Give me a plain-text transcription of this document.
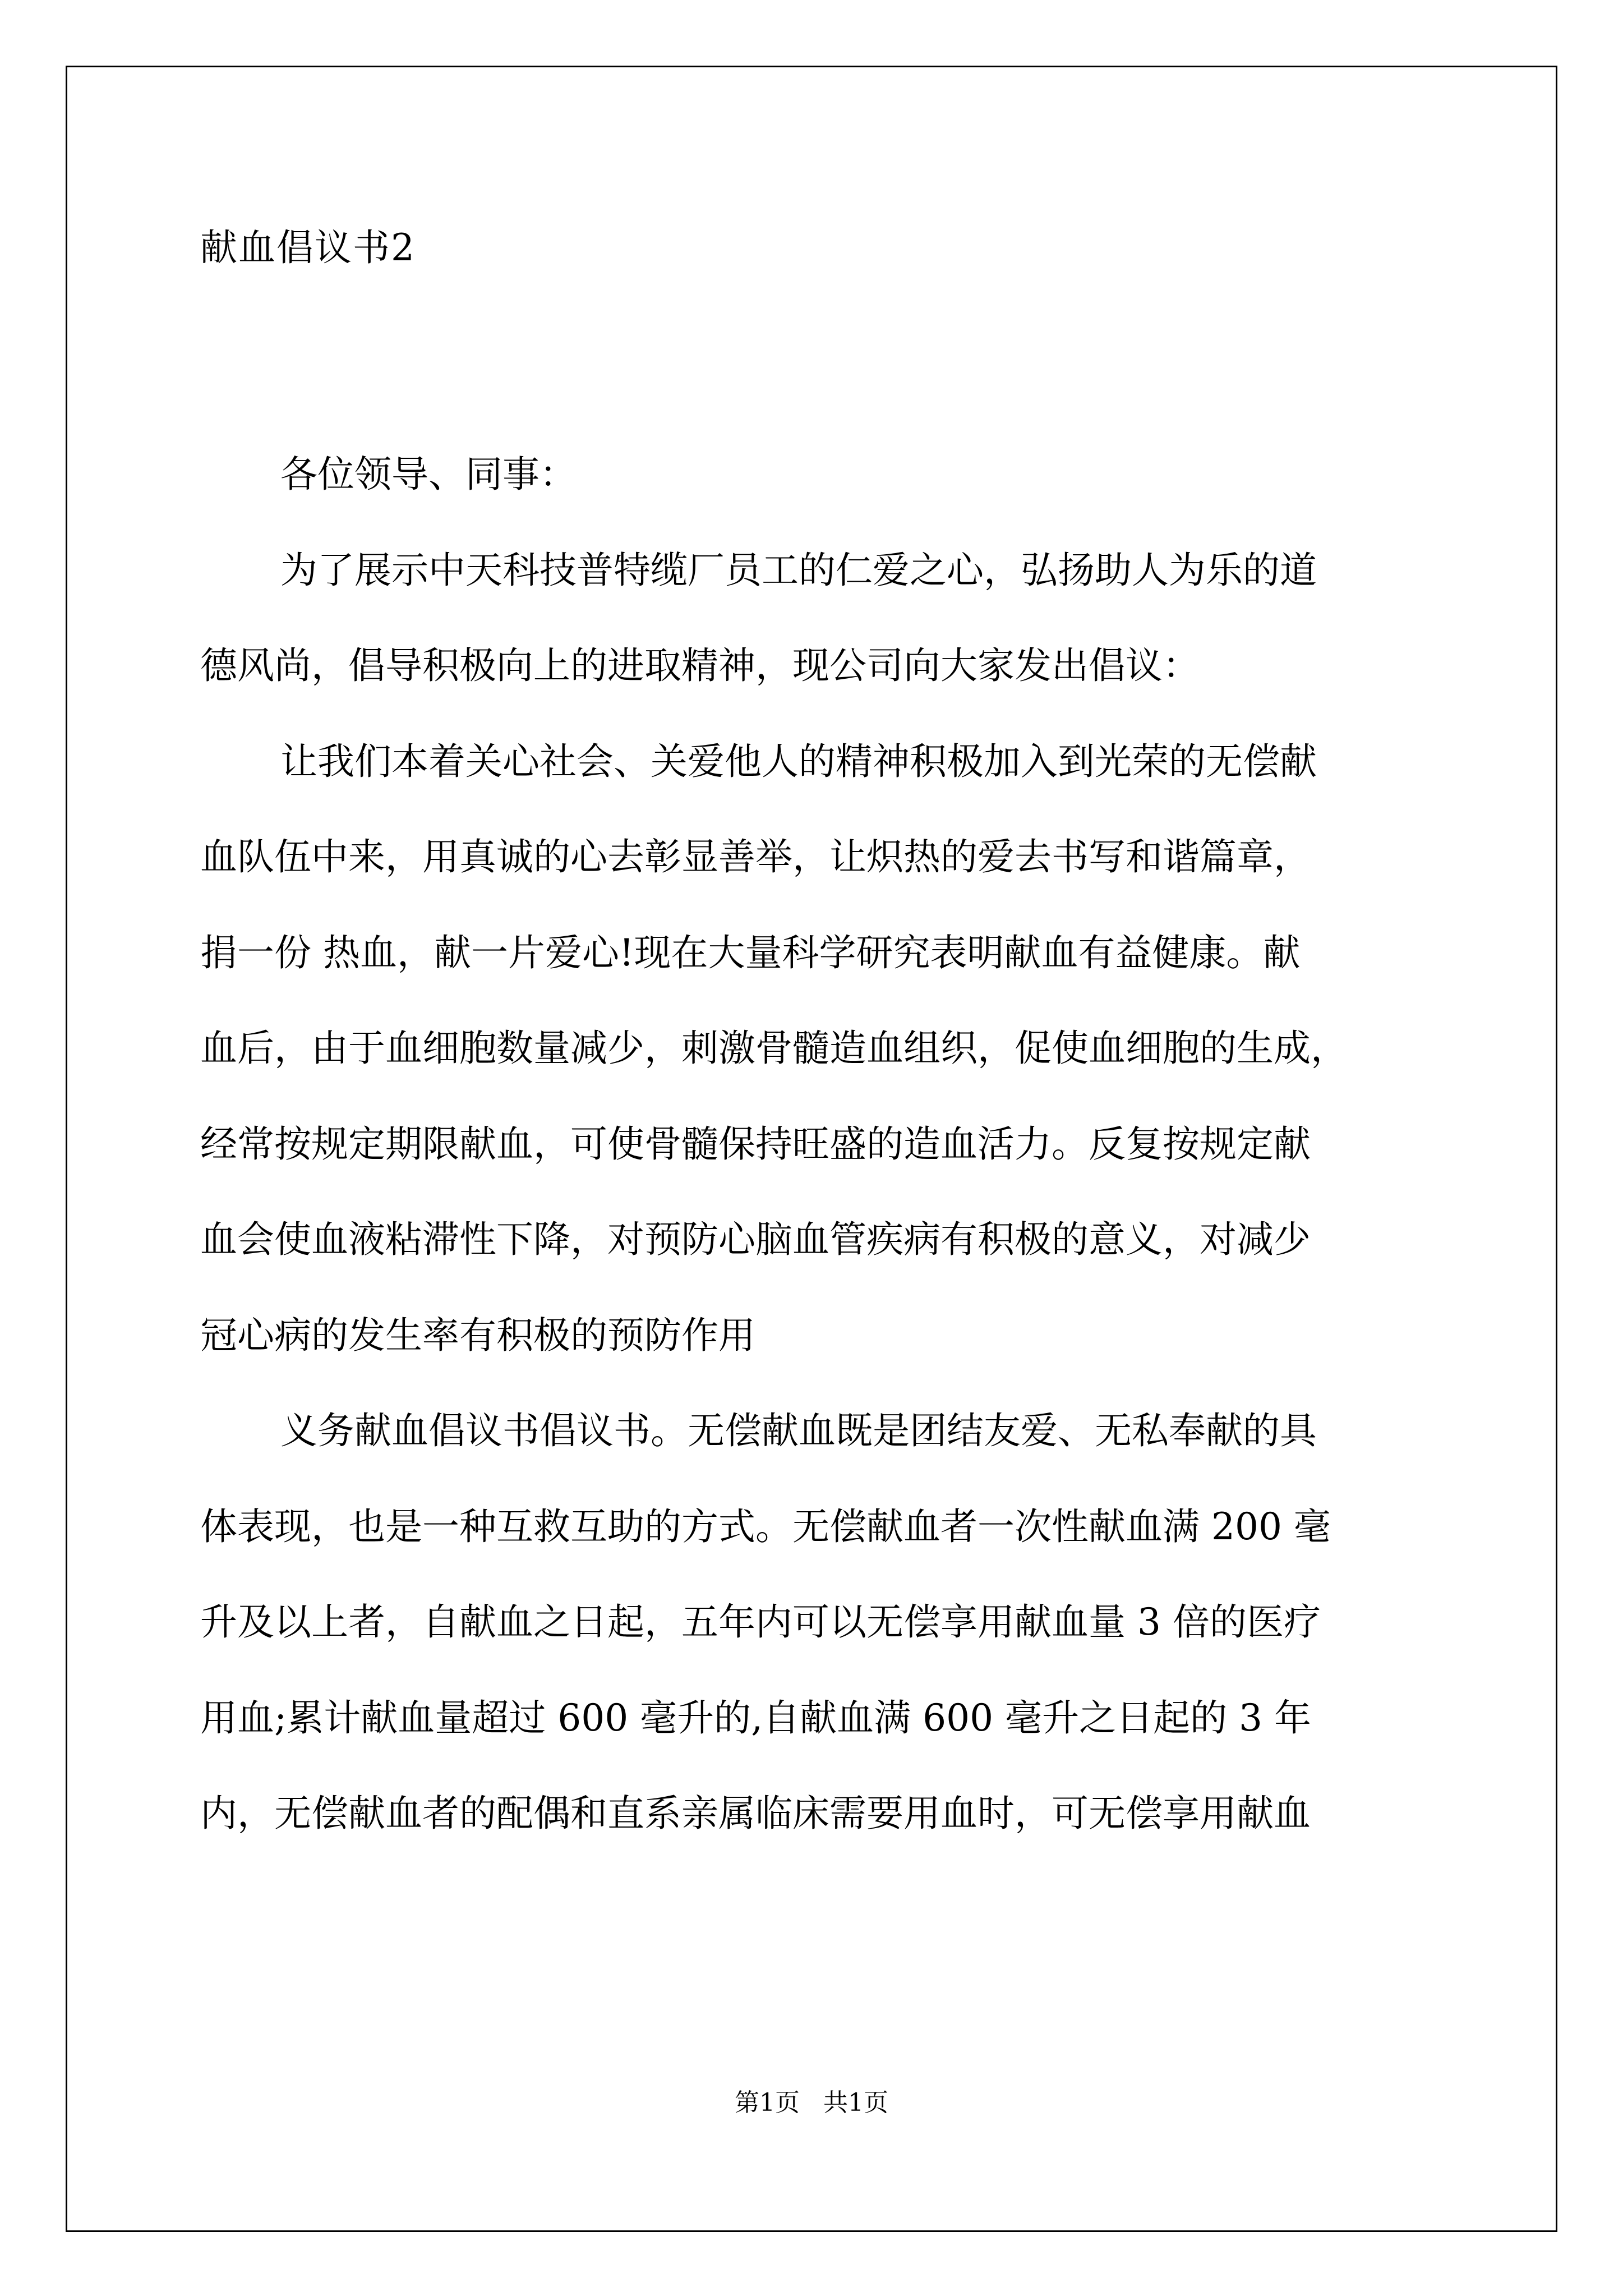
献血倡议书2
各位领导、同事：
为了展示中天科技普特缆厂员工的仁爱之心，弘扬助人为乐的道
德风尚，倡导积极向上的进取精神，现公司向大家发出倡议：
让我们本着关心社会、关爱他人的精神积极加入到光荣的无偿献
血队伍中来，用真诚的心去彰显善举，让炽热的爱去书写和谐篇章，
捐一份 热血，献一片爱心!现在大量科学研究表明献血有益健康。献
血后，由于血细胞数量减少，刺激骨髓造血组织，促使血细胞的生成，
经常按规定期限献血，可使骨髓保持旺盛的造血活力。反复按规定献
血会使血液粘滞性下降，对预防心脑血管疾病有积极的意义，对减少
冠心病的发生率有积极的预防作用
义务献血倡议书倡议书。无偿献血既是团结友爱、无私奉献的具
体表现，也是一种互救互助的方式。无偿献血者一次性献血满 200 毫
升及以上者，自献血之日起，五年内可以无偿享用献血量 3 倍的医疗
用血;累计献血量超过 600 毫升的,自献血满 600 毫升之日起的 3 年
内，无偿献血者的配偶和直系亲属临床需要用血时，可无偿享用献血
第1页   共1页
